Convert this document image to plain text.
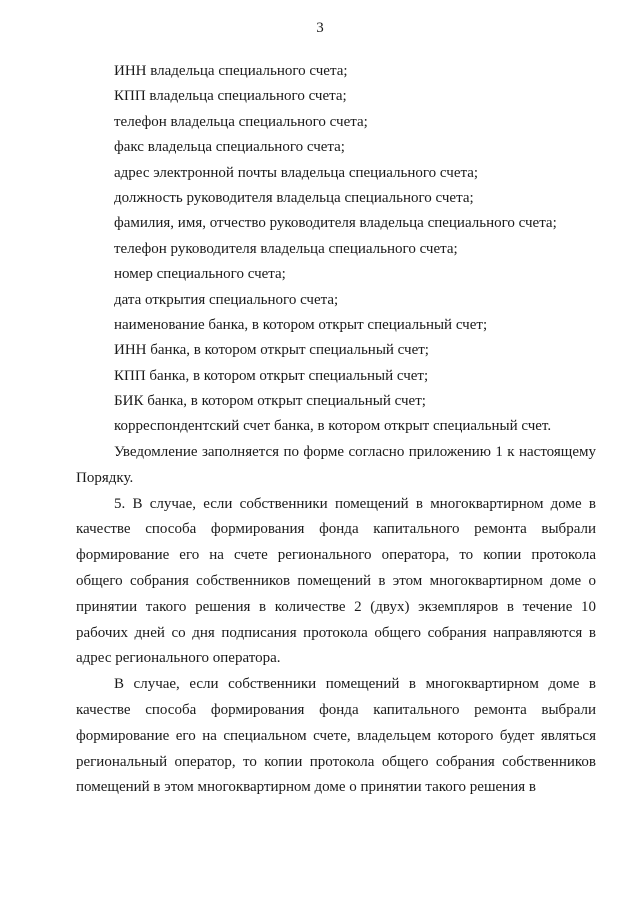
3
ИНН владельца специального счета;
КПП владельца специального счета;
телефон владельца специального счета;
факс владельца специального счета;
адрес электронной почты владельца специального счета;
должность руководителя владельца специального счета;
фамилия, имя, отчество руководителя владельца специального счета;
телефон руководителя владельца специального счета;
номер специального счета;
дата открытия специального счета;
наименование банка, в котором открыт специальный счет;
ИНН банка, в котором открыт специальный счет;
КПП банка, в котором открыт специальный счет;
БИК банка, в котором открыт специальный счет;
корреспондентский счет банка, в котором открыт специальный счет.

Уведомление заполняется по форме согласно приложению 1 к настоящему Порядку.

5. В случае, если собственники помещений в многоквартирном доме в качестве способа формирования фонда капитального ремонта выбрали формирование его на счете регионального оператора, то копии протокола общего собрания собственников помещений в этом многоквартирном доме о принятии такого решения в количестве 2 (двух) экземпляров в течение 10 рабочих дней со дня подписания протокола общего собрания направляются в адрес регионального оператора.

В случае, если собственники помещений в многоквартирном доме в качестве способа формирования фонда капитального ремонта выбрали формирование его на специальном счете, владельцем которого будет являться региональный оператор, то копии протокола общего собрания собственников помещений в этом многоквартирном доме о принятии такого решения в
